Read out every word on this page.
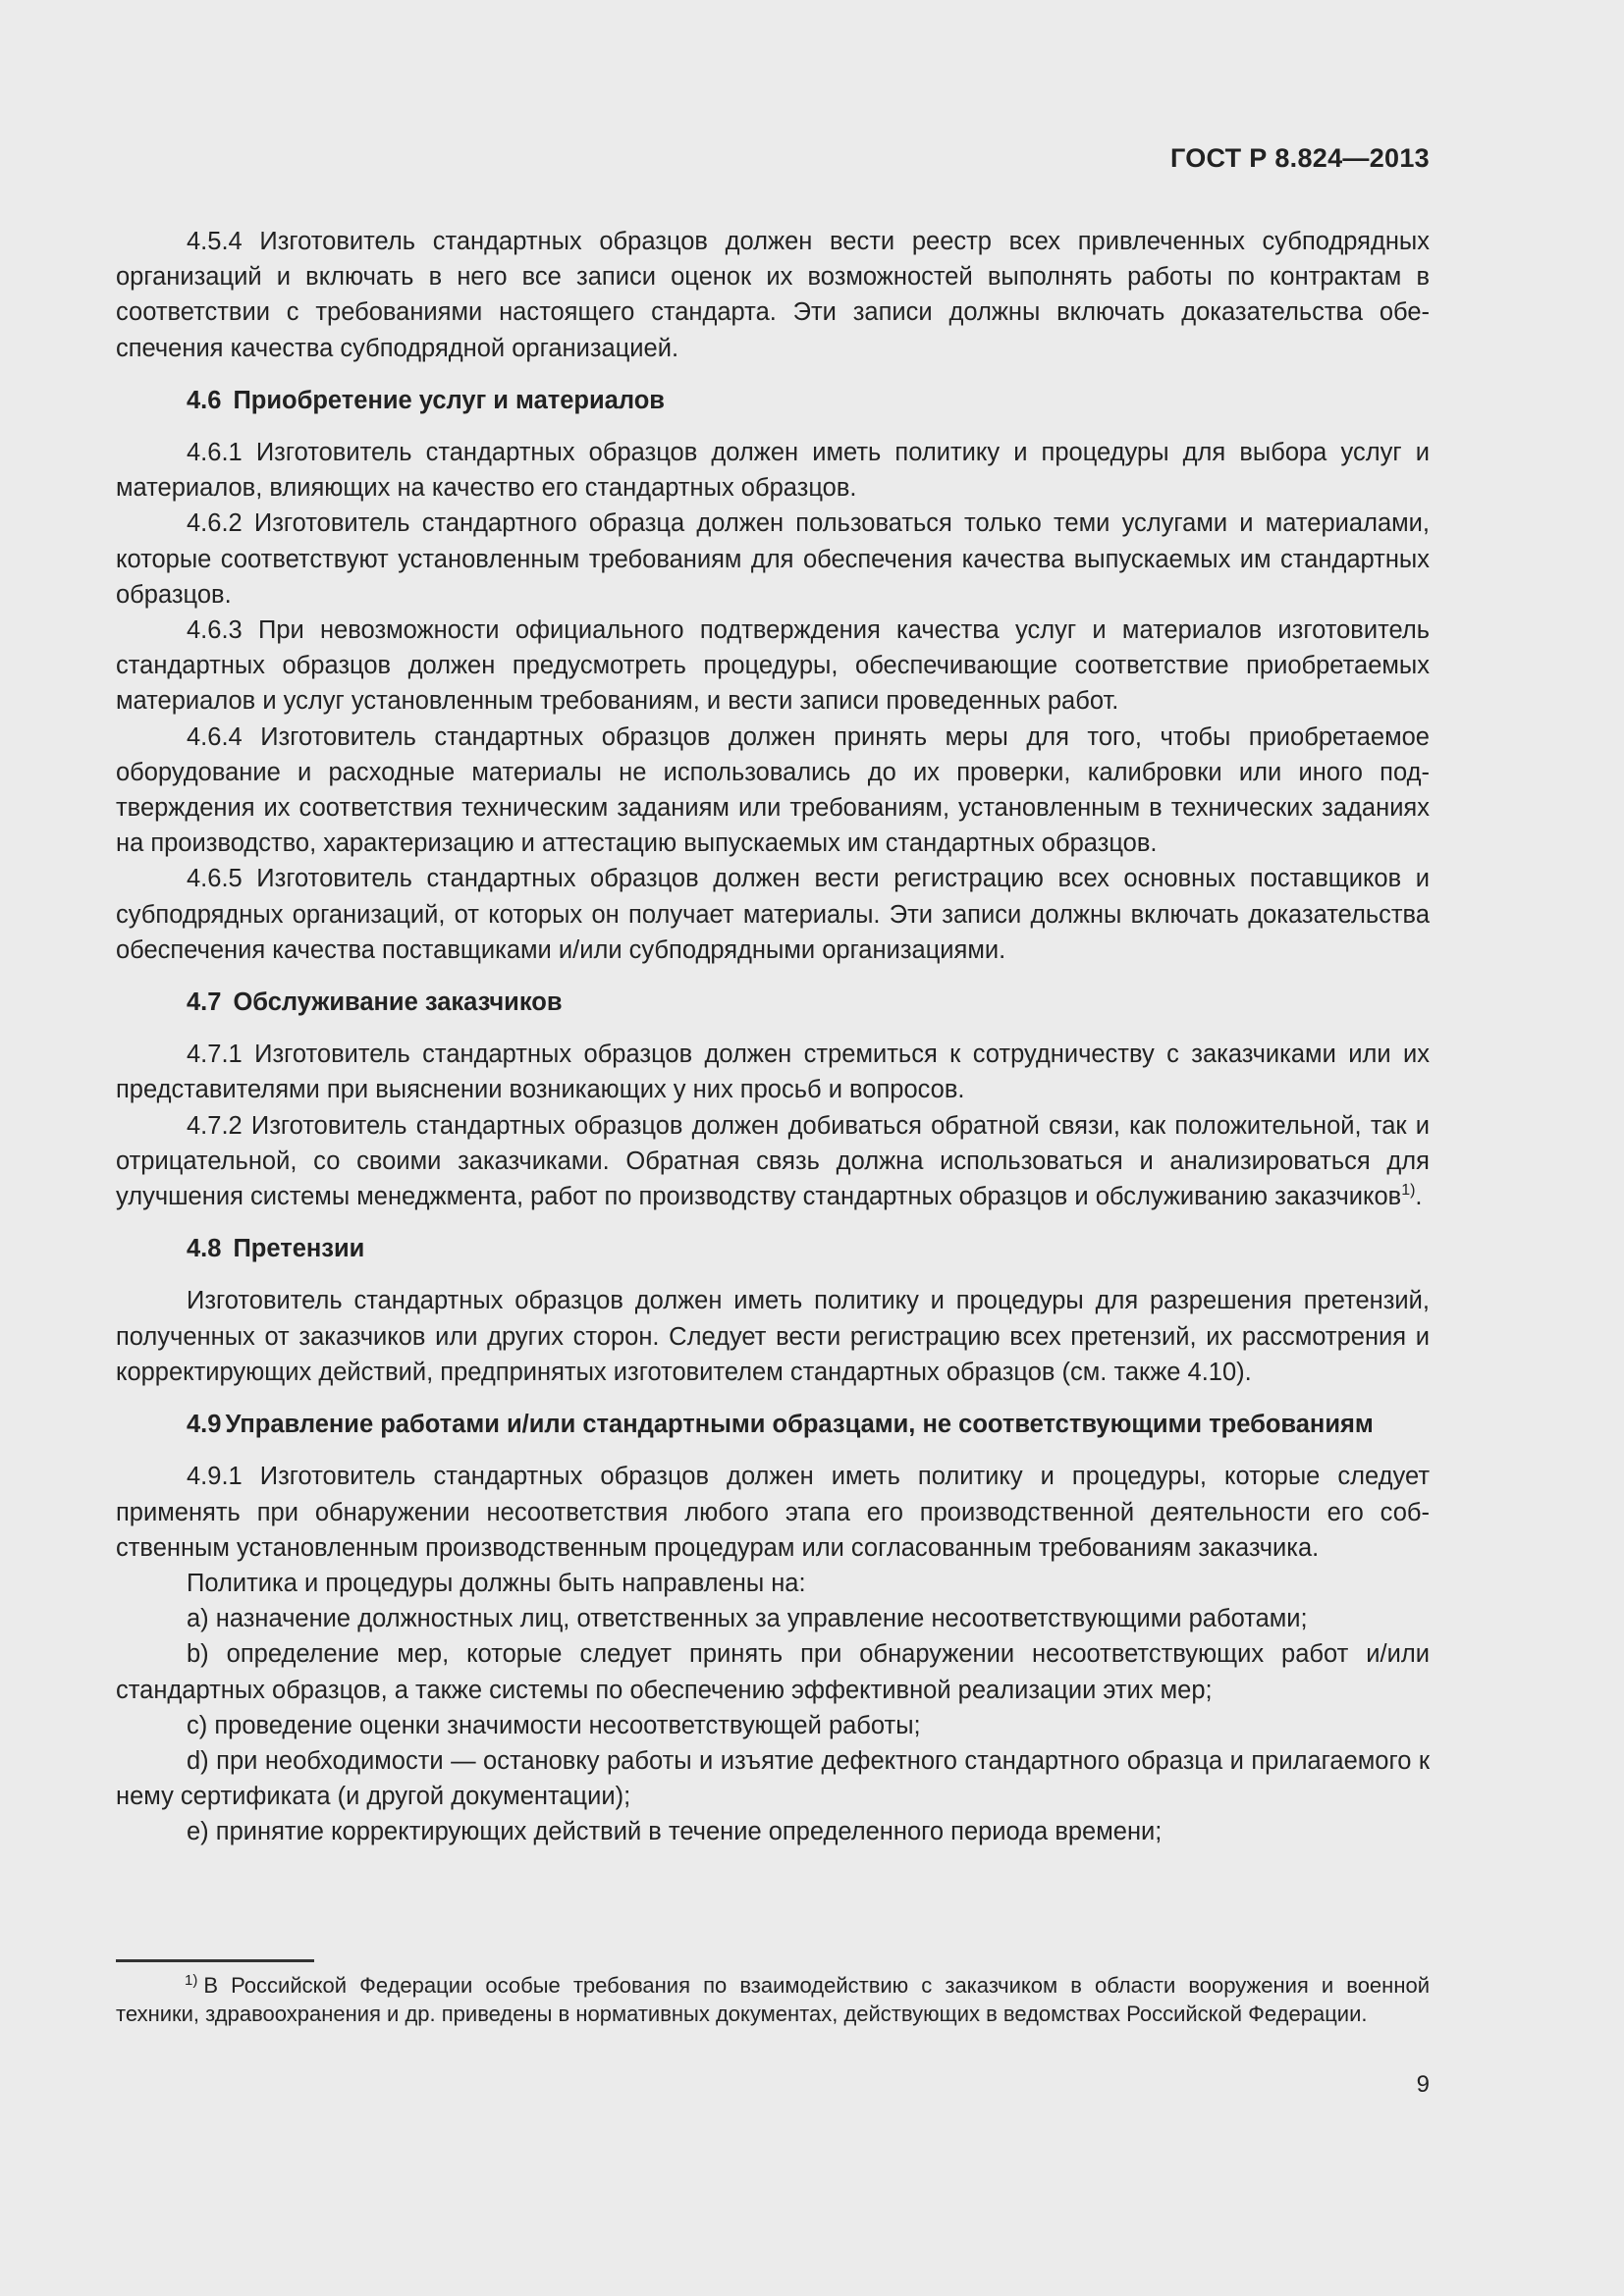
ГОСТ Р 8.824—2013

4.5.4 Изготовитель стандартных образцов должен вести реестр всех привлеченных субподрядных организаций и включать в него все записи оценок их возможностей выполнять работы по контрактам в соответствии с требованиями настоящего стандарта. Эти записи должны включать доказательства обеспечения качества субподрядной организацией.

4.6 Приобретение услуг и материалов

4.6.1 Изготовитель стандартных образцов должен иметь политику и процедуры для выбора услуг и материалов, влияющих на качество его стандартных образцов.

4.6.2 Изготовитель стандартного образца должен пользоваться только теми услугами и материалами, которые соответствуют установленным требованиям для обеспечения качества выпускаемых им стандартных образцов.

4.6.3 При невозможности официального подтверждения качества услуг и материалов изготовитель стандартных образцов должен предусмотреть процедуры, обеспечивающие соответствие приобретаемых материалов и услуг установленным требованиям, и вести записи проведенных работ.

4.6.4 Изготовитель стандартных образцов должен принять меры для того, чтобы приобретаемое оборудование и расходные материалы не использовались до их проверки, калибровки или иного подтверждения их соответствия техническим заданиям или требованиям, установленным в технических заданиях на производство, характеризацию и аттестацию выпускаемых им стандартных образцов.

4.6.5 Изготовитель стандартных образцов должен вести регистрацию всех основных поставщиков и субподрядных организаций, от которых он получает материалы. Эти записи должны включать доказательства обеспечения качества поставщиками и/или субподрядными организациями.

4.7 Обслуживание заказчиков

4.7.1 Изготовитель стандартных образцов должен стремиться к сотрудничеству с заказчиками или их представителями при выяснении возникающих у них просьб и вопросов.

4.7.2 Изготовитель стандартных образцов должен добиваться обратной связи, как положительной, так и отрицательной, со своими заказчиками. Обратная связь должна использоваться и анализироваться для улучшения системы менеджмента, работ по производству стандартных образцов и обслуживанию заказчиков$^{1)}$.

4.8 Претензии

Изготовитель стандартных образцов должен иметь политику и процедуры для разрешения претензий, полученных от заказчиков или других сторон. Следует вести регистрацию всех претензий, их рассмотрения и корректирующих действий, предпринятых изготовителем стандартных образцов (см. также 4.10).

4.9 Управление работами и/или стандартными образцами, не соответствующими требованиям

4.9.1 Изготовитель стандартных образцов должен иметь политику и процедуры, которые следует применять при обнаружении несоответствия любого этапа его производственной деятельности его собственным установленным производственным процедурам или согласованным требованиям заказчика.

Политика и процедуры должны быть направлены на:

a) назначение должностных лиц, ответственных за управление несоответствующими работами;

b) определение мер, которые следует принять при обнаружении несоответствующих работ и/или стандартных образцов, а также системы по обеспечению эффективной реализации этих мер;

c) проведение оценки значимости несоответствующей работы;

d) при необходимости — остановку работы и изъятие дефектного стандартного образца и прилагаемого к нему сертификата (и другой документации);

e) принятие корректирующих действий в течение определенного периода времени;

$^{1)}$ В Российской Федерации особые требования по взаимодействию с заказчиком в области вооружения и военной техники, здравоохранения и др. приведены в нормативных документах, действующих в ведомствах Российской Федерации.

9
